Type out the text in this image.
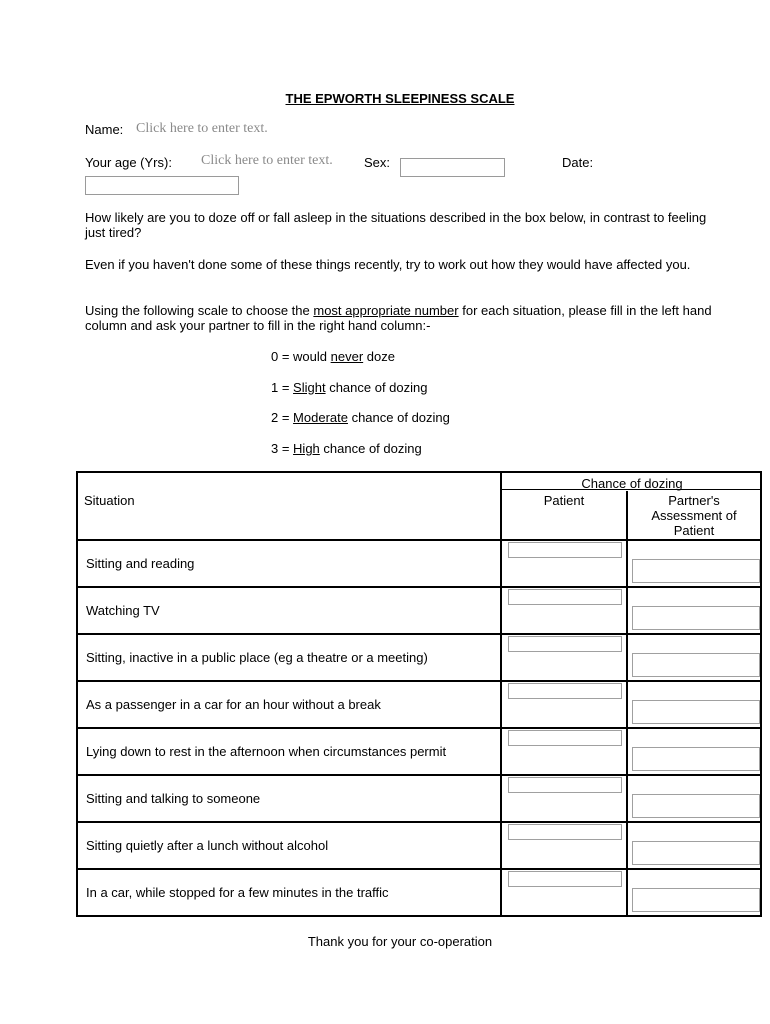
THE EPWORTH SLEEPINESS SCALE
Name: Click here to enter text.
Your age (Yrs): Click here to enter text. Sex:	Date:
How likely are you to doze off or fall asleep in the situations described in the box below, in contrast to feeling just tired?
Even if you haven't done some of these things recently, try to work out how they would have affected you.
Using the following scale to choose the most appropriate number for each situation, please fill in the left hand column and ask your partner to fill in the right hand column:-
0 = would never doze
1 = Slight chance of dozing
2 = Moderate chance of dozing
3 = High chance of dozing
Situation
Chance of dozing
Patient	Partner's Assessment of Patient
Sitting and reading
Watching TV
Sitting, inactive in a public place (eg a theatre or a meeting)
As a passenger in a car for an hour without a break
Lying down to rest in the afternoon when circumstances permit
Sitting and talking to someone
Sitting quietly after a lunch without alcohol
In a car, while stopped for a few minutes in the traffic
Thank you for your co-operation
